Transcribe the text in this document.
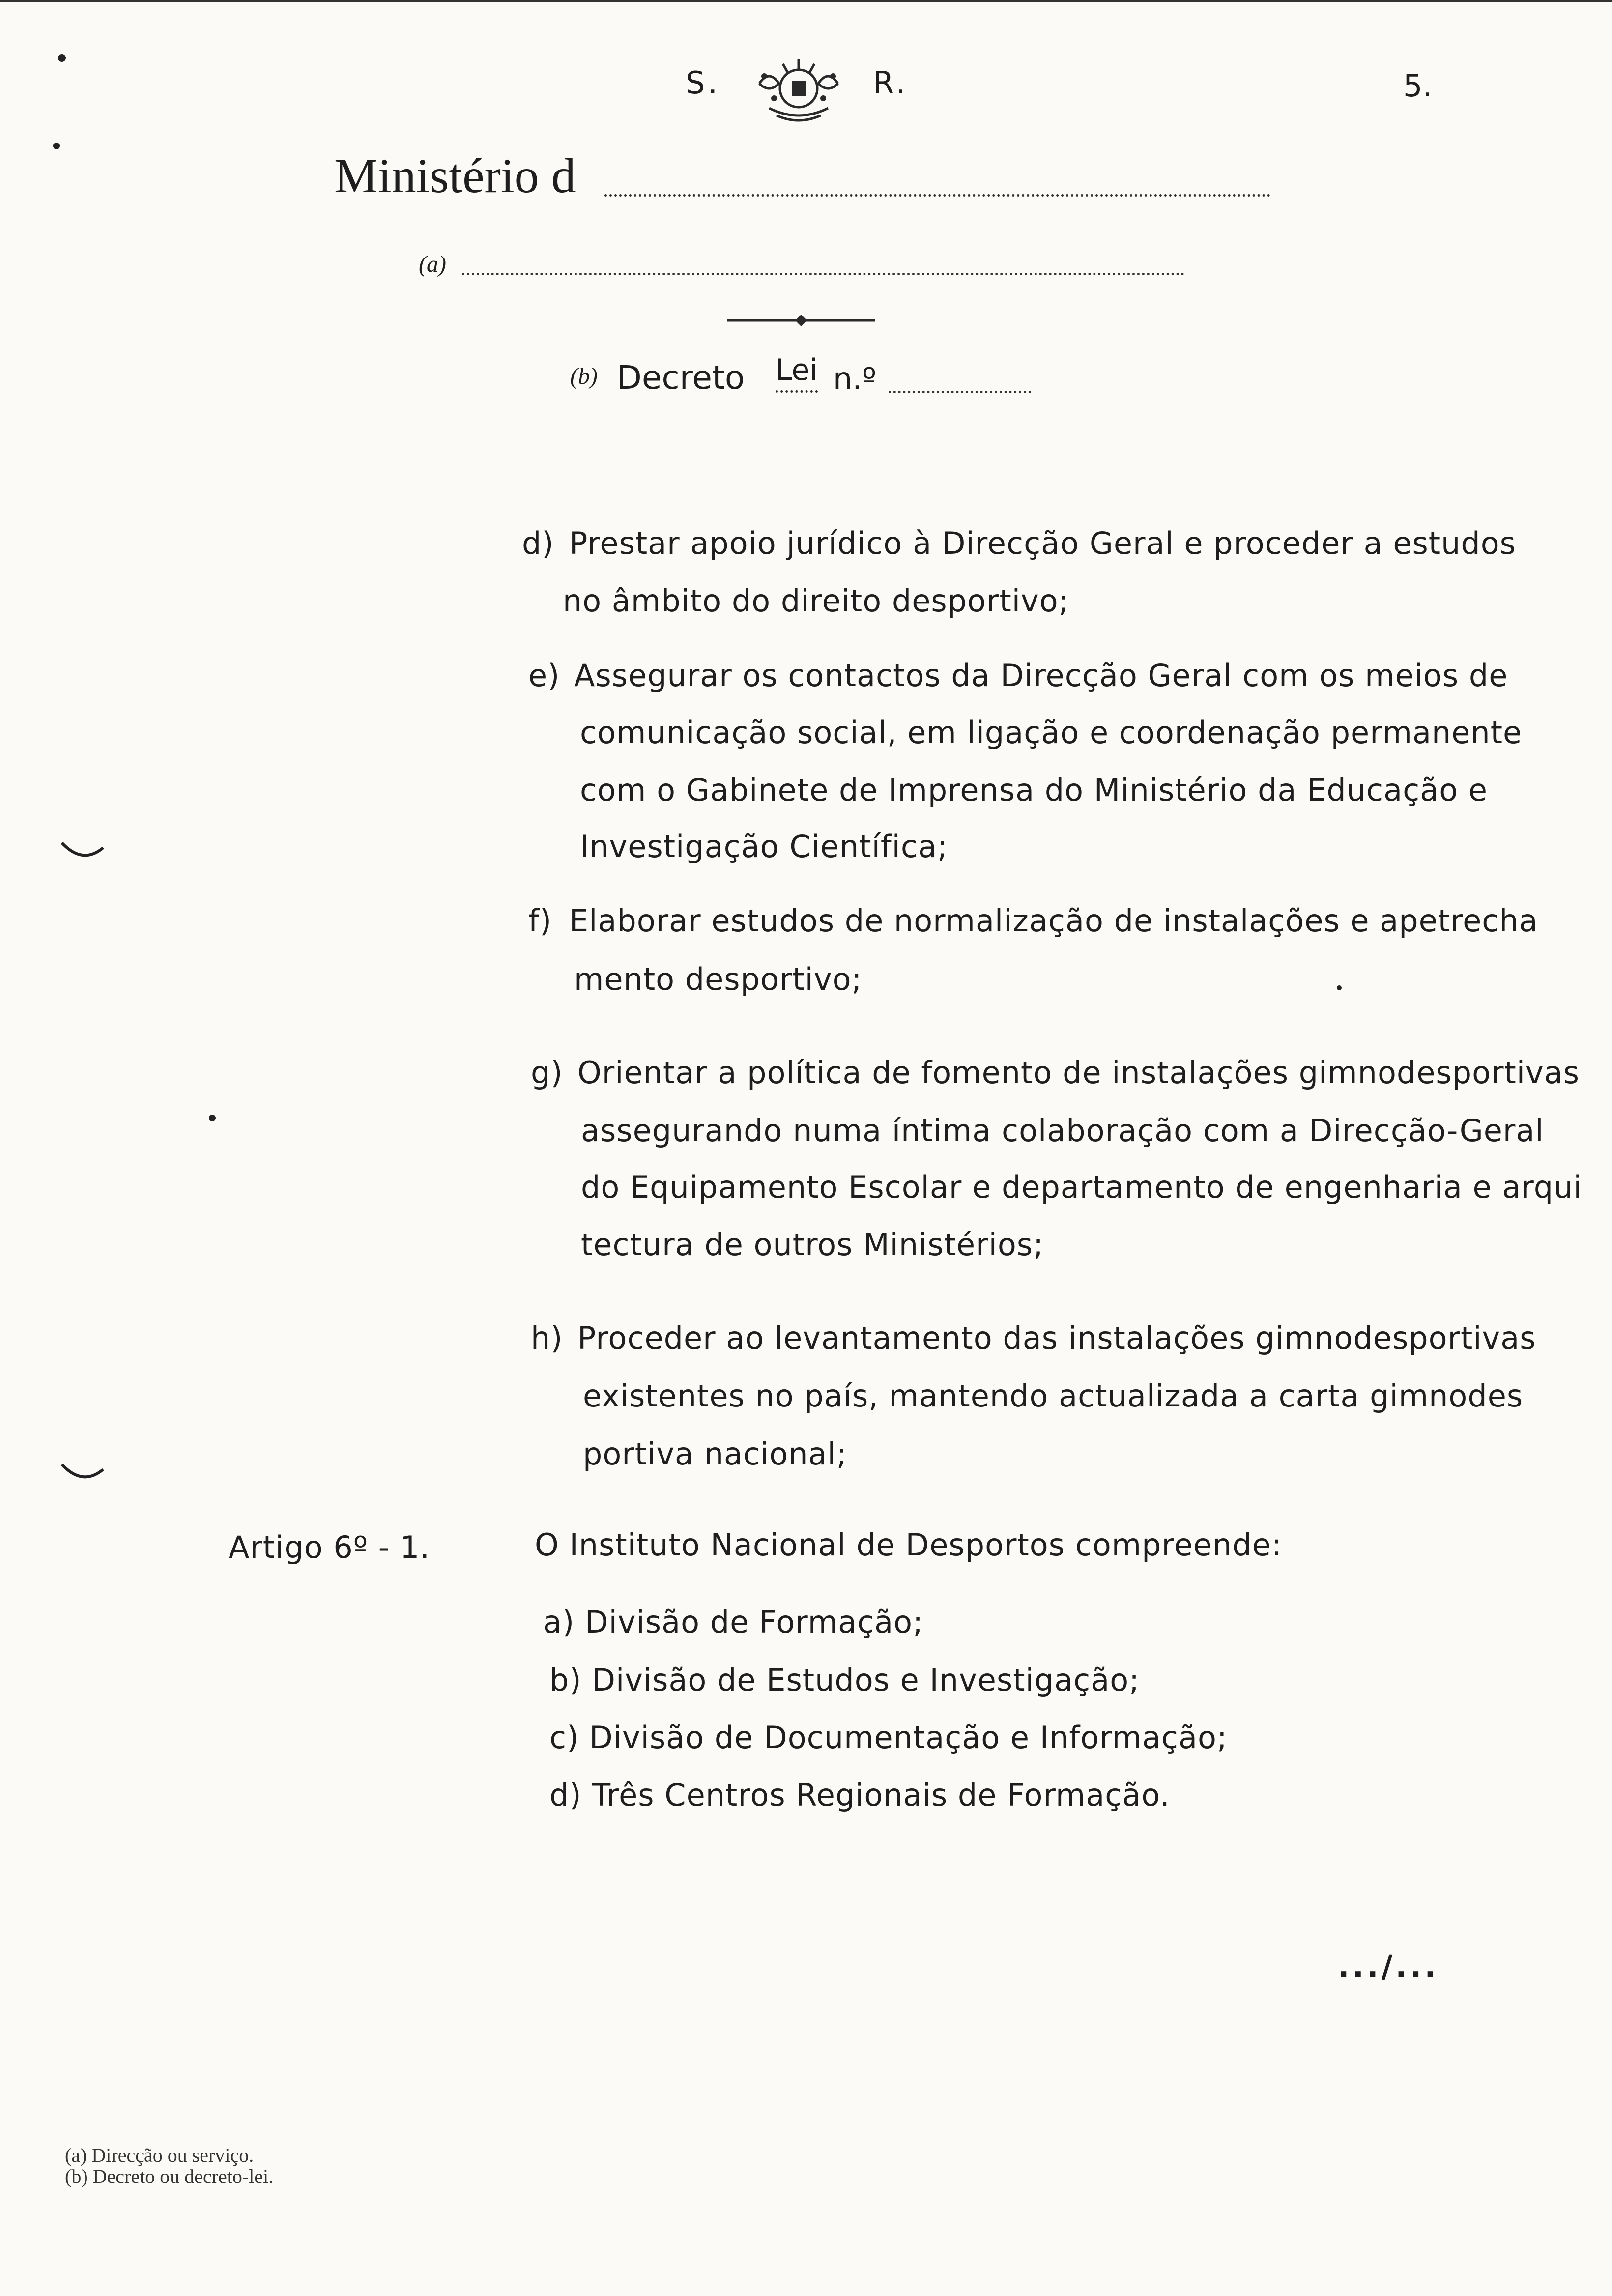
S.	R.	5.
Ministério d
(a)
(b) Decreto Lei n.º
d) Prestar apoio jurídico à Direcção Geral e proceder a estudos
no âmbito do direito desportivo;
e) Assegurar os contactos da Direcção Geral com os meios de
comunicação social, em ligação e coordenação permanente
com o Gabinete de Imprensa do Ministério da Educação e
Investigação Científica;
f) Elaborar estudos de normalização de instalações e apetrecha
mento desportivo;
g) Orientar a política de fomento de instalações gimnodesportivas
assegurando numa íntima colaboração com a Direcção-Geral
do Equipamento Escolar e departamento de engenharia e arqui
tectura de outros Ministérios;
h) Proceder ao levantamento das instalações gimnodesportivas
existentes no país, mantendo actualizada a carta gimnodes
portiva nacional;
Artigo 6º - 1.	O Instituto Nacional de Desportos compreende:
a) Divisão de Formação;
b) Divisão de Estudos e Investigação;
c) Divisão de Documentação e Informação;
d) Três Centros Regionais de Formação.
.../...
(a) Direcção ou serviço.
(b) Decreto ou decreto-lei.
